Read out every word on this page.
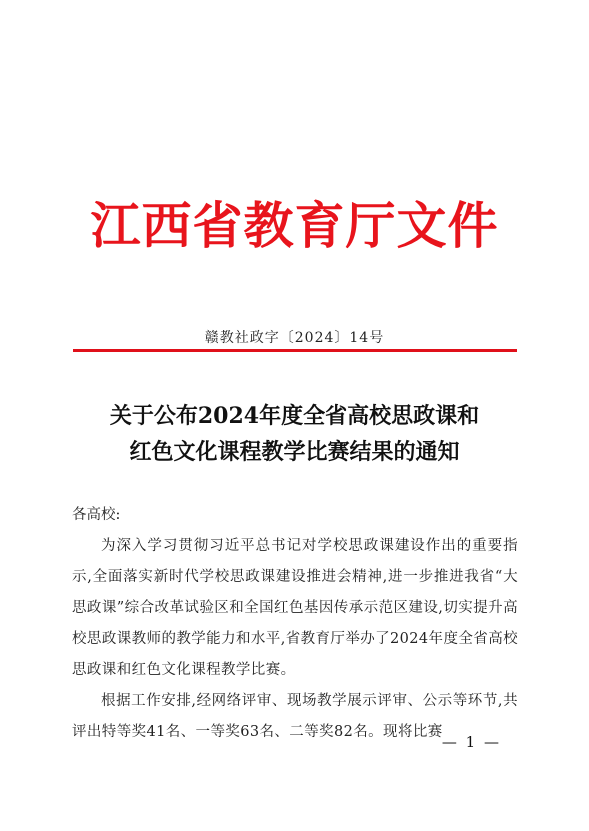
江西省教育厅文件
赣教社政字〔2024〕14号
关于公布2024年度全省高校思政课和
红色文化课程教学比赛结果的通知

各高校:

为深入学习贯彻习近平总书记对学校思政课建设作出的重要指示,全面落实新时代学校思政课建设推进会精神,进一步推进我省“大思政课”综合改革试验区和全国红色基因传承示范区建设,切实提升高校思政课教师的教学能力和水平,省教育厅举办了2024年度全省高校思政课和红色文化课程教学比赛。

根据工作安排,经网络评审、现场教学展示评审、公示等环节,共评出特等奖41名、一等奖63名、二等奖82名。现将比赛

— 1 —
